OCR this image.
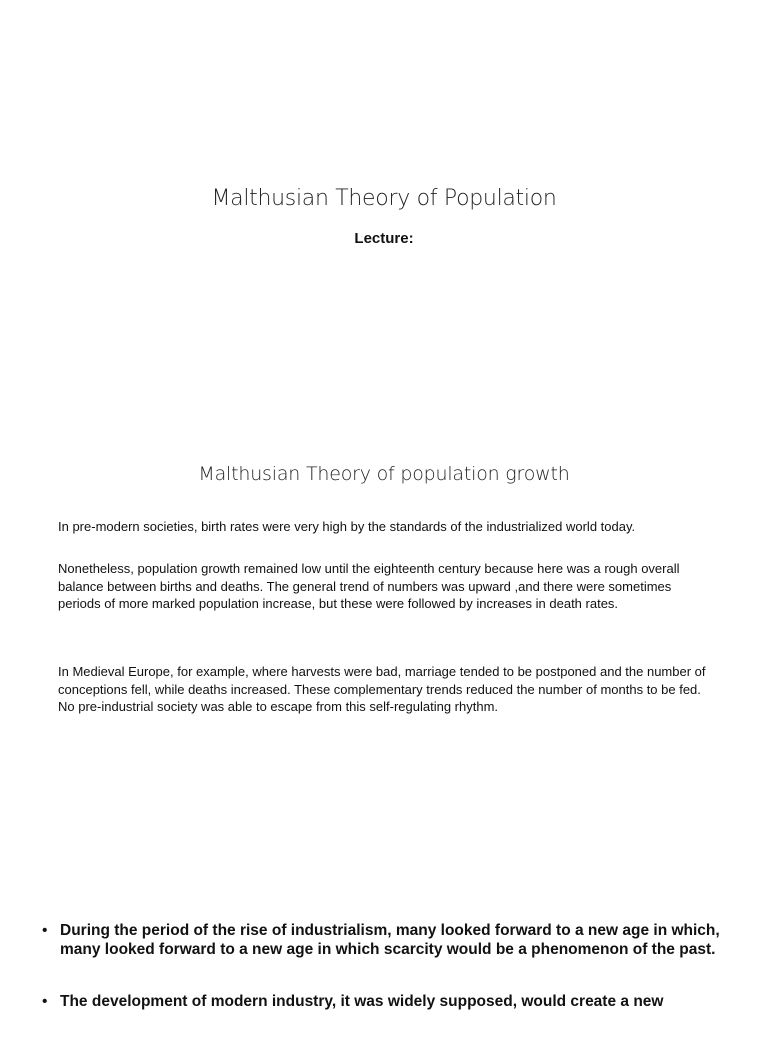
Malthusian Theory of Population
Lecture:
Malthusian Theory of population growth

In pre-modern societies, birth rates were very high by the standards of the industrialized world today.

Nonetheless, population growth remained low until the eighteenth century because here was a rough overall balance between births and deaths. The general trend of numbers was upward ,and there were sometimes periods of more marked population increase, but these were followed by increases in death rates.

In Medieval Europe, for example, where harvests were bad, marriage tended to be postponed and the number of conceptions fell, while deaths increased. These complementary trends reduced the number of months to be fed. No pre-industrial society was able to escape from this self-regulating rhythm.

• During the period of the rise of industrialism, many looked forward to a new age in which, many looked forward to a new age in which scarcity would be a phenomenon of the past.
• The development of modern industry, it was widely supposed, would create a new
